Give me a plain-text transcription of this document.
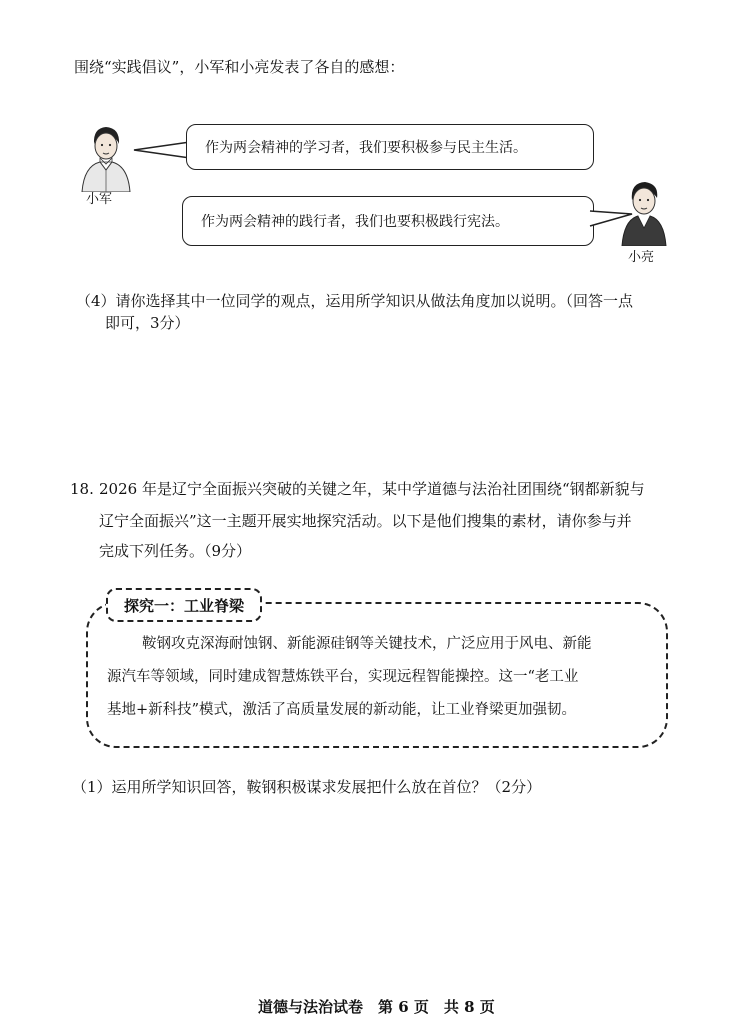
围绕“实践倡议”，小军和小亮发表了各自的感想：
小军
作为两会精神的学习者，我们要积极参与民主生活。
作为两会精神的践行者，我们也要积极践行宪法。
小亮
（4）请你选择其中一位同学的观点，运用所学知识从做法角度加以说明。（回答一点
即可，3分）
18. 2026 年是辽宁全面振兴突破的关键之年，某中学道德与法治社团围绕“钢都新貌与
辽宁全面振兴”这一主题开展实地探究活动。以下是他们搜集的素材，请你参与并
完成下列任务。（9分）
探究一：工业脊梁
鞍钢攻克深海耐蚀钢、新能源硅钢等关键技术，广泛应用于风电、新能
源汽车等领域，同时建成智慧炼铁平台，实现远程智能操控。这一“老工业
基地+新科技”模式，激活了高质量发展的新动能，让工业脊梁更加强韧。
（1）运用所学知识回答，鞍钢积极谋求发展把什么放在首位？（2分）
道德与法治试卷　第 6 页　共 8 页
